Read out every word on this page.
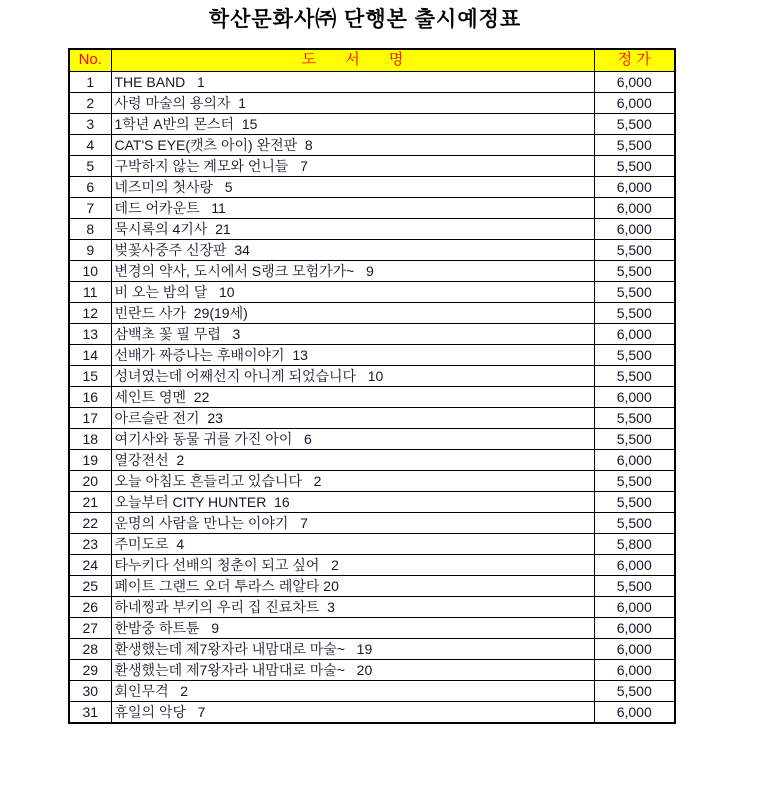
학산문화사㈜ 단행본 출시예정표
No.	도       서       명	정 가
1	THE BAND   1	6,000
2	사령 마술의 용의자  1	6,000
3	1학년 A반의 몬스터  15	5,500
4	CAT'S EYE(캣츠 아이) 완전판  8	5,500
5	구박하지 않는 계모와 언니들   7	5,500
6	네즈미의 첫사랑   5	6,000
7	데드 어카운트   11	6,000
8	묵시록의 4기사  21	6,000
9	벚꽃사중주 신장판  34	5,500
10	변경의 약사, 도시에서 S랭크 모험가가~   9	5,500
11	비 오는 밤의 달   10	5,500
12	빈란드 사가  29(19세)	5,500
13	삼백초 꽃 필 무렵   3	6,000
14	선배가 짜증나는 후배이야기  13	5,500
15	성녀였는데 어째선지 아니게 되었습니다   10	5,500
16	세인트 영멘  22	6,000
17	아르슬란 전기  23	5,500
18	여기사와 동물 귀를 가진 아이   6	5,500
19	열강전선  2	6,000
20	오늘 아침도 흔들리고 있습니다   2	5,500
21	오늘부터 CITY HUNTER  16	5,500
22	운명의 사람을 만나는 이야기   7	5,500
23	주미도로  4	5,800
24	타누키다 선배의 청춘이 되고 싶어   2	6,000
25	페이트 그랜드 오더 투라스 레알타 20	5,500
26	하네찡과 부키의 우리 집 진료차트  3	6,000
27	한밤중 하트튠   9	6,000
28	환생했는데 제7왕자라 내맘대로 마술~   19	6,000
29	환생했는데 제7왕자라 내맘대로 마술~   20	6,000
30	회인무격   2	5,500
31	휴일의 악당   7	6,000
